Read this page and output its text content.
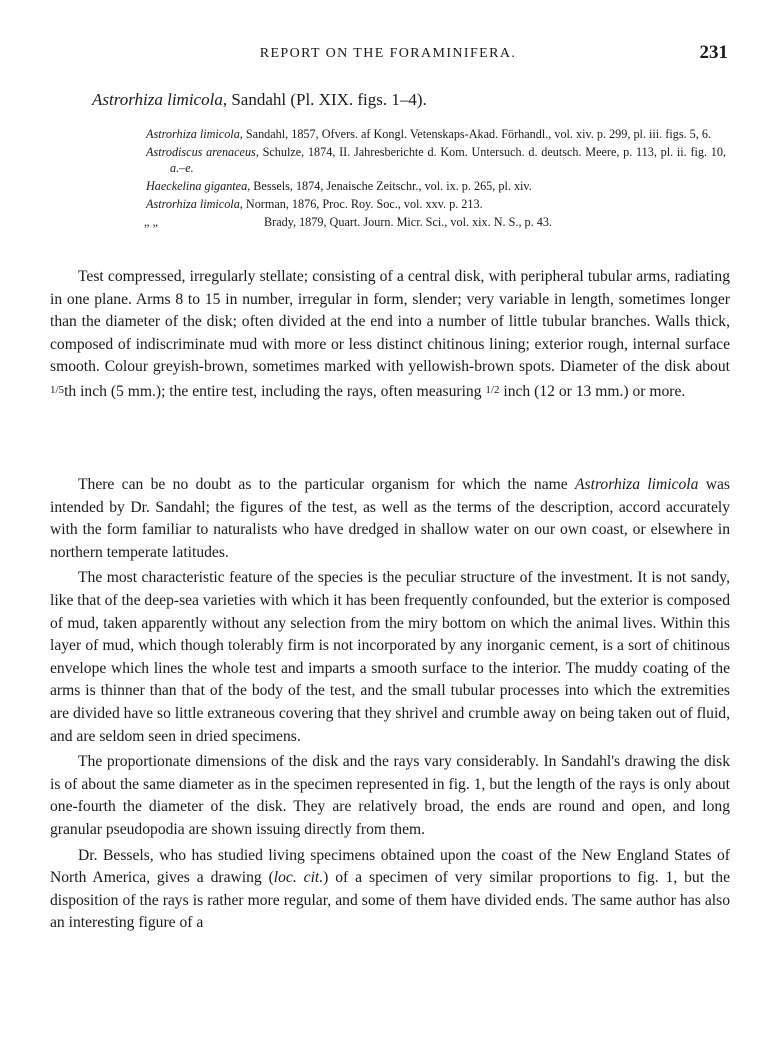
REPORT ON THE FORAMINIFERA.	231
Astrorhiza limicola, Sandahl (Pl. XIX. figs. 1–4).
Astrorhiza limicola, Sandahl, 1857, Ofvers. af Kongl. Vetenskaps-Akad. Förhandl., vol. xiv. p. 299, pl. iii. figs. 5, 6.
Astrodiscus arenaceus, Schulze, 1874, II. Jahresberichte d. Kom. Untersuch. d. deutsch. Meere, p. 113, pl. ii. fig. 10, a.–e.
Haeckelina gigantea, Bessels, 1874, Jenaische Zeitschr., vol. ix. p. 265, pl. xiv.
Astrorhiza limicola, Norman, 1876, Proc. Roy. Soc., vol. xxv. p. 213.
„ „	Brady, 1879, Quart. Journ. Micr. Sci., vol. xix. N. S., p. 43.

Test compressed, irregularly stellate; consisting of a central disk, with peripheral tubular arms, radiating in one plane. Arms 8 to 15 in number, irregular in form, slender; very variable in length, sometimes longer than the diameter of the disk; often divided at the end into a number of little tubular branches. Walls thick, composed of indiscriminate mud with more or less distinct chitinous lining; exterior rough, internal surface smooth. Colour greyish-brown, sometimes marked with yellowish-brown spots. Diameter of the disk about 1/5th inch (5 mm.); the entire test, including the rays, often measuring 1/2 inch (12 or 13 mm.) or more.

There can be no doubt as to the particular organism for which the name Astrorhiza limicola was intended by Dr. Sandahl; the figures of the test, as well as the terms of the description, accord accurately with the form familiar to naturalists who have dredged in shallow water on our own coast, or elsewhere in northern temperate latitudes.

The most characteristic feature of the species is the peculiar structure of the investment. It is not sandy, like that of the deep-sea varieties with which it has been frequently confounded, but the exterior is composed of mud, taken apparently without any selection from the miry bottom on which the animal lives. Within this layer of mud, which though tolerably firm is not incorporated by any inorganic cement, is a sort of chitinous envelope which lines the whole test and imparts a smooth surface to the interior. The muddy coating of the arms is thinner than that of the body of the test, and the small tubular processes into which the extremities are divided have so little extraneous covering that they shrivel and crumble away on being taken out of fluid, and are seldom seen in dried specimens.

The proportionate dimensions of the disk and the rays vary considerably. In Sandahl's drawing the disk is of about the same diameter as in the specimen represented in fig. 1, but the length of the rays is only about one-fourth the diameter of the disk. They are relatively broad, the ends are round and open, and long granular pseudopodia are shown issuing directly from them.

Dr. Bessels, who has studied living specimens obtained upon the coast of the New England States of North America, gives a drawing (loc. cit.) of a specimen of very similar proportions to fig. 1, but the disposition of the rays is rather more regular, and some of them have divided ends. The same author has also an interesting figure of a
